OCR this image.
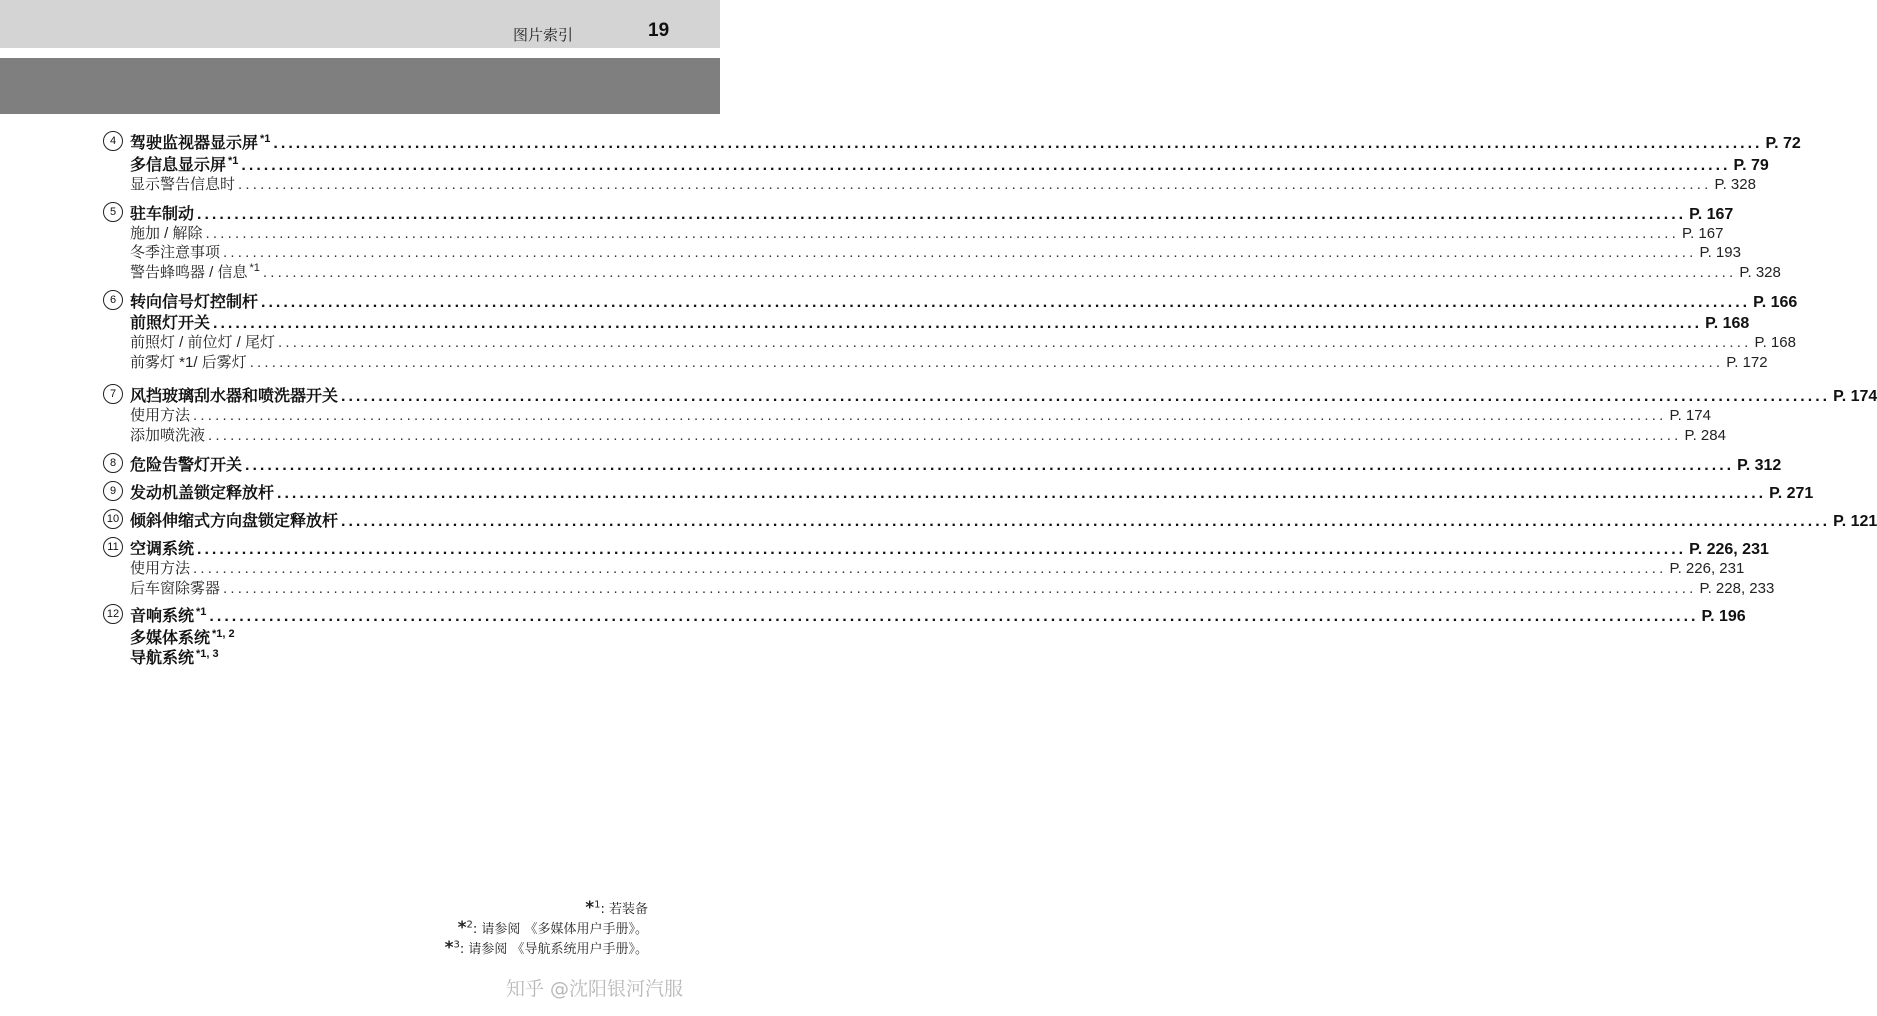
图片索引	19
4 驾驶监视器显示屏 $^{*1}$ ........................................................................................................................................................................................................ P. 72
多信息显示屏 $^{*1}$ ........................................................................................................................................................................................................ P. 79
显示警告信息时 ........................................................................................................................................................................................................ P. 328
5 驻车制动 ........................................................................................................................................................................................................ P. 167
施加 / 解除 ........................................................................................................................................................................................................ P. 167
冬季注意事项 ........................................................................................................................................................................................................ P. 193
警告蜂鸣器 / 信息 $^{*1}$ ........................................................................................................................................................................................................ P. 328
6 转向信号灯控制杆 ........................................................................................................................................................................................................ P. 166
前照灯开关 ........................................................................................................................................................................................................ P. 168
前照灯 / 前位灯 / 尾灯 ........................................................................................................................................................................................................ P. 168
前雾灯 *1/ 后雾灯 ........................................................................................................................................................................................................ P. 172
7 风挡玻璃刮水器和喷洗器开关 ........................................................................................................................................................................................................ P. 174
使用方法 ........................................................................................................................................................................................................ P. 174
添加喷洗液 ........................................................................................................................................................................................................ P. 284
8 危险告警灯开关 ........................................................................................................................................................................................................ P. 312
9 发动机盖锁定释放杆 ........................................................................................................................................................................................................ P. 271
10 倾斜伸缩式方向盘锁定释放杆 ........................................................................................................................................................................................................ P. 121
11 空调系统 ........................................................................................................................................................................................................ P. 226, 231
使用方法 ........................................................................................................................................................................................................ P. 226, 231
后车窗除雾器 ........................................................................................................................................................................................................ P. 228, 233
12 音响系统 $^{*1}$ ........................................................................................................................................................................................................ P. 196
多媒体系统 $^{*1, 2}$
导航系统 $^{*1, 3}$
*$^1$: 若装备
*$^2$: 请参阅 《多媒体用户手册》。
*$^3$: 请参阅 《导航系统用户手册》。
知乎 @沈阳银河汽服
